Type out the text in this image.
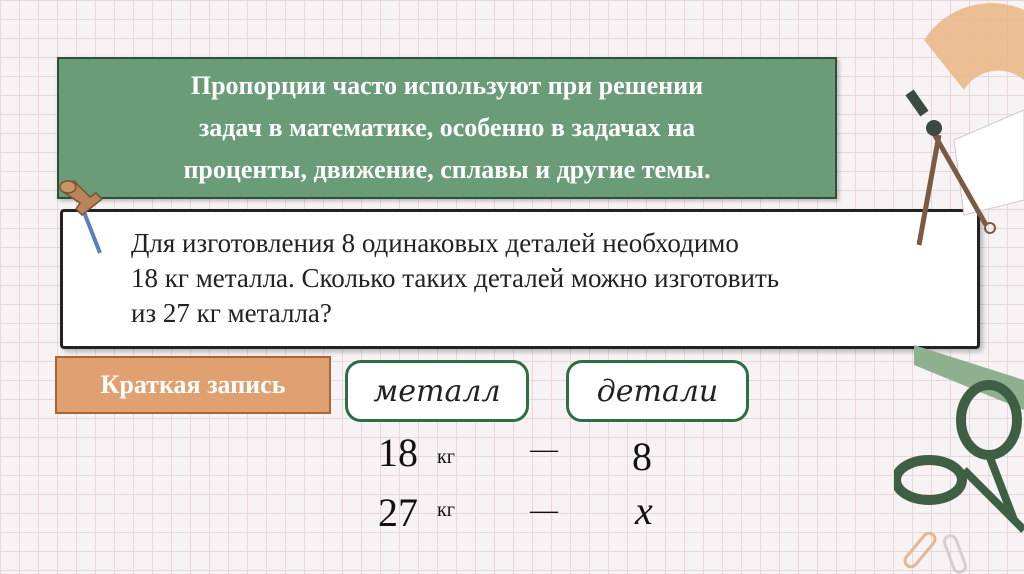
Пропорции часто используют при решении
задач в математике, особенно в задачах на
проценты, движение, сплавы и другие темы.
Для изготовления 8 одинаковых деталей необходимо
18 кг металла. Сколько таких деталей можно изготовить
из 27 кг металла?
Краткая запись	металл	детали
18 кг	— 8
27 кг	— x
